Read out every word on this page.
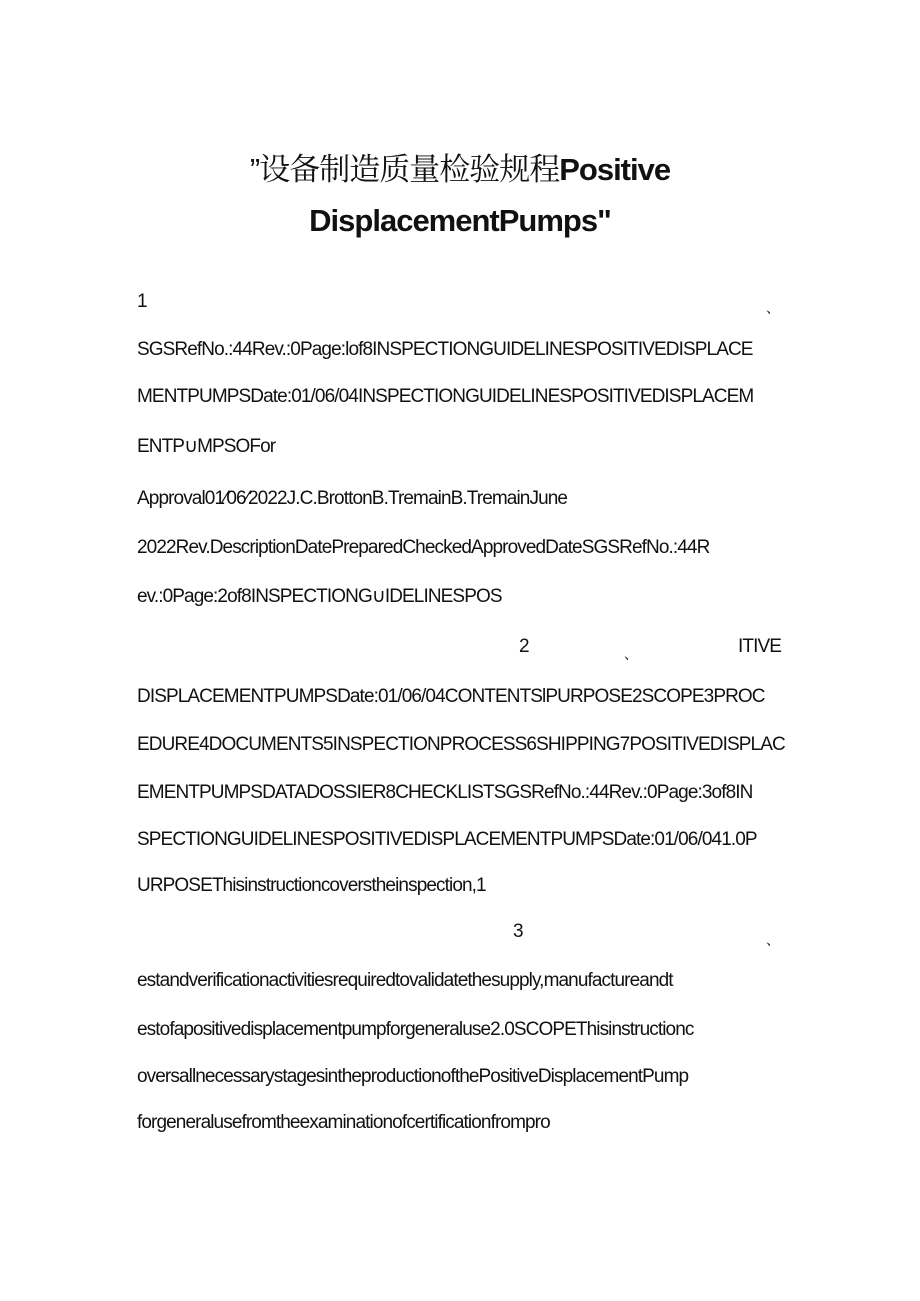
”设备制造质量检验规程Positive
DisplacementPumps"
1	、
SGSRefNo.:44Rev.:0Page:lof8INSPECTIONGUIDELINESPOSITIVEDISPLACE
MENTPUMPSDate:01/06/04INSPECTIONGUIDELINESPOSITIVEDISPLACEM
ENTP∪MPSOFor
Approval01⁄06⁄2022J.C.BrottonB.TremainB.TremainJune
2022Rev.DescriptionDatePreparedCheckedApprovedDateSGSRefNo.:44R
ev.:0Page:2of8INSPECTIONG∪IDELINESPOS
2	、	ITIVE
DISPLACEMENTPUMPSDate:01/06/04CONTENTSlPURPOSE2SCOPE3PROC
EDURE4DOCUMENTS5INSPECTIONPROCESS6SHIPPING7POSITIVEDISPLAC
EMENTPUMPSDATADOSSIER8CHECKLISTSGSRefNo.:44Rev.:0Page:3of8IN
SPECTIONGUIDELINESPOSITIVEDISPLACEMENTPUMPSDate:01/06/041.0P
URPOSEThisinstructioncoverstheinspection,1
3	、
estandverificationactivitiesrequiredtovalidatethesupply,manufactureandt
estofapositivedisplacementpumpforgeneraluse2.0SCOPEThisinstructionc
oversallnecessarystagesintheproductionofthePositiveDisplacementPump
forgeneralusefromtheexaminationofcertificationfrompro
